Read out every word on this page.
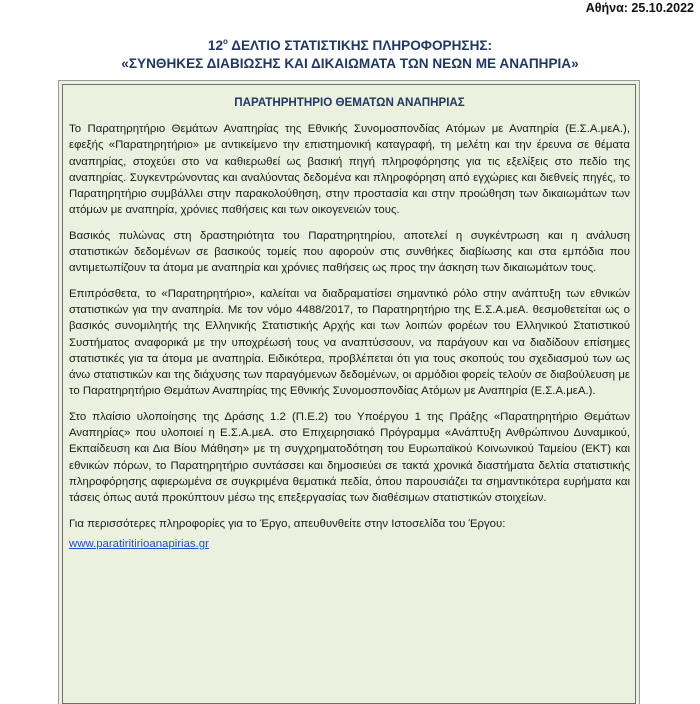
Αθήνα: 25.10.2022
$12^o$ ΔΕΛΤΙΟ ΣΤΑΤΙΣΤΙΚΗΣ ΠΛΗΡΟΦΟΡΗΣΗΣ:
«ΣΥΝΘΗΚΕΣ ΔΙΑΒΙΩΣΗΣ ΚΑΙ ΔΙΚΑΙΩΜΑΤΑ ΤΩΝ ΝΕΩΝ ΜΕ ΑΝΑΠΗΡΙΑ»
ΠΑΡΑΤΗΡΗΤΗΡΙΟ ΘΕΜΑΤΩΝ ΑΝΑΠΗΡΙΑΣ

Το Παρατηρητήριο Θεμάτων Αναπηρίας της Εθνικής Συνομοσπονδίας Ατόμων με Αναπηρία (Ε.Σ.Α.μεΑ.), εφεξής «Παρατηρητήριο» με αντικείμενο την επιστημονική καταγραφή, τη μελέτη και την έρευνα σε θέματα αναπηρίας, στοχεύει στο να καθιερωθεί ως βασική πηγή πληροφόρησης για τις εξελίξεις στο πεδίο της αναπηρίας. Συγκεντρώνοντας και αναλύοντας δεδομένα και πληροφόρηση από εγχώριες και διεθνείς πηγές, το Παρατηρητήριο συμβάλλει στην παρακολούθηση, στην προστασία και στην προώθηση των δικαιωμάτων των ατόμων με αναπηρία, χρόνιες παθήσεις και των οικογενειών τους.

Βασικός πυλώνας στη δραστηριότητα του Παρατηρητηρίου, αποτελεί η συγκέντρωση και η ανάλυση στατιστικών δεδομένων σε βασικούς τομείς που αφορούν στις συνθήκες διαβίωσης και στα εμπόδια που αντιμετωπίζουν τα άτομα με αναπηρία και χρόνιες παθήσεις ως προς την άσκηση των δικαιωμάτων τους.

Επιπρόσθετα, το «Παρατηρητήριο», καλείται να διαδραματίσει σημαντικό ρόλο στην ανάπτυξη των εθνικών στατιστικών για την αναπηρία. Με τον νόμο 4488/2017, το Παρατηρητήριο της Ε.Σ.Α.μεΑ. θεσμοθετείται ως ο βασικός συνομιλητής της Ελληνικής Στατιστικής Αρχής και των λοιπών φορέων του Ελληνικού Στατιστικού Συστήματος αναφορικά με την υποχρέωσή τους να αναπτύσσουν, να παράγουν και να διαδίδουν επίσημες στατιστικές για τα άτομα με αναπηρία. Ειδικότερα, προβλέπεται ότι για τους σκοπούς του σχεδιασμού των ως άνω στατιστικών και της διάχυσης των παραγόμενων δεδομένων, οι αρμόδιοι φορείς τελούν σε διαβούλευση με το Παρατηρητήριο Θεμάτων Αναπηρίας της Εθνικής Συνομοσπονδίας Ατόμων με Αναπηρία (Ε.Σ.Α.μεΑ.).

Στο πλαίσιο υλοποίησης της Δράσης 1.2 (Π.Ε.2) του Υποέργου 1 της Πράξης «Παρατηρητήριο Θεμάτων Αναπηρίας» που υλοποιεί η Ε.Σ.Α.μεΑ. στο Επιχειρησιακό Πρόγραμμα «Ανάπτυξη Ανθρώπινου Δυναμικού, Εκπαίδευση και Δια Βίου Μάθηση» με τη συγχρηματοδότηση του Ευρωπαϊκού Κοινωνικού Ταμείου (ΕΚΤ) και εθνικών πόρων, το Παρατηρητήριο συντάσσει και δημοσιεύει σε τακτά χρονικά διαστήματα δελτία στατιστικής πληροφόρησης αφιερωμένα σε συγκριμένα θεματικά πεδία, όπου παρουσιάζει τα σημαντικότερα ευρήματα και τάσεις όπως αυτά προκύπτουν μέσω της επεξεργασίας των διαθέσιμων στατιστικών στοιχείων.

Για περισσότερες πληροφορίες για το Έργο, απευθυνθείτε στην Ιστοσελίδα του Έργου:

www.paratiritirioanapirias.gr
